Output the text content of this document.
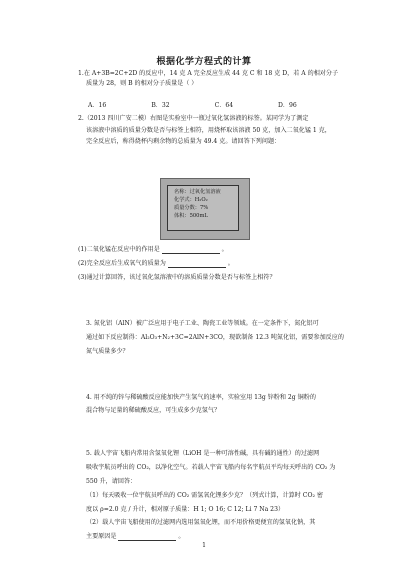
根据化学方程式的计算
1.在 A+3B=2C+2D 的反应中，14 克 A 完全反应生成 44 克 C 和 18 克 D，若 A 的相对分子
质量为 28，则 B 的相对分子质量是（ ）
A．16	B．32	C．64	D．96
2.（2013 四川广安二模）右图是实验室中一瓶过氧化氢溶液的标签。某同学为了测定
该溶液中溶质的质量分数是否与标签上相符，用烧杯取该溶液 50 克，加入二氧化锰 1 克，
完全反应后，称得烧杯内剩余物的总质量为 49.4 克。请回答下列问题：
名称：过氧化氢溶液
化学式：H₂O₂
质量分数：7%
体积：500mL
(1)二氧化锰在反应中的作用是	。
(2)完全反应后生成氧气的质量为	。
(3)通过计算回答，该过氧化氢溶液中的溶质质量分数是否与标签上相符？
3. 氮化铝（AlN）被广泛应用于电子工业、陶瓷工业等领域。在一定条件下，氮化铝可
通过如下反应制得：Al₂O₃+N₂+3C=2AlN+3CO，现欲制备 12.3 吨氮化铝，需要参加反应的
氮气质量多少？
4. 用不纯的锌与稀硫酸反应能加快产生氢气的速率，实验室用 13g 锌粉和 2g 铜粉的
混合物与足量的稀硫酸反应，可生成多少克氢气？
5. 载人宇宙飞船内常用含氢氧化锂（LiOH 是一种可溶性碱，具有碱的通性）的过滤网
吸收宇航员呼出的 CO₂，以净化空气。若载人宇宙飞船内每名宇航员平均每天呼出的 CO₂ 为
550 升，请回答：
（1）每天吸收一位宇航员呼出的 CO₂ 需氢氧化锂多少克？（列式计算，计算时 CO₂ 密
度以 ρ=2.0 克 / 升计，相对原子质量：H 1; O 16; C 12; Li 7 Na 23）
（2）载人宇宙飞船使用的过滤网内选用氢氧化锂，而不用价格更便宜的氢氧化钠，其
主要原因是	。
1
